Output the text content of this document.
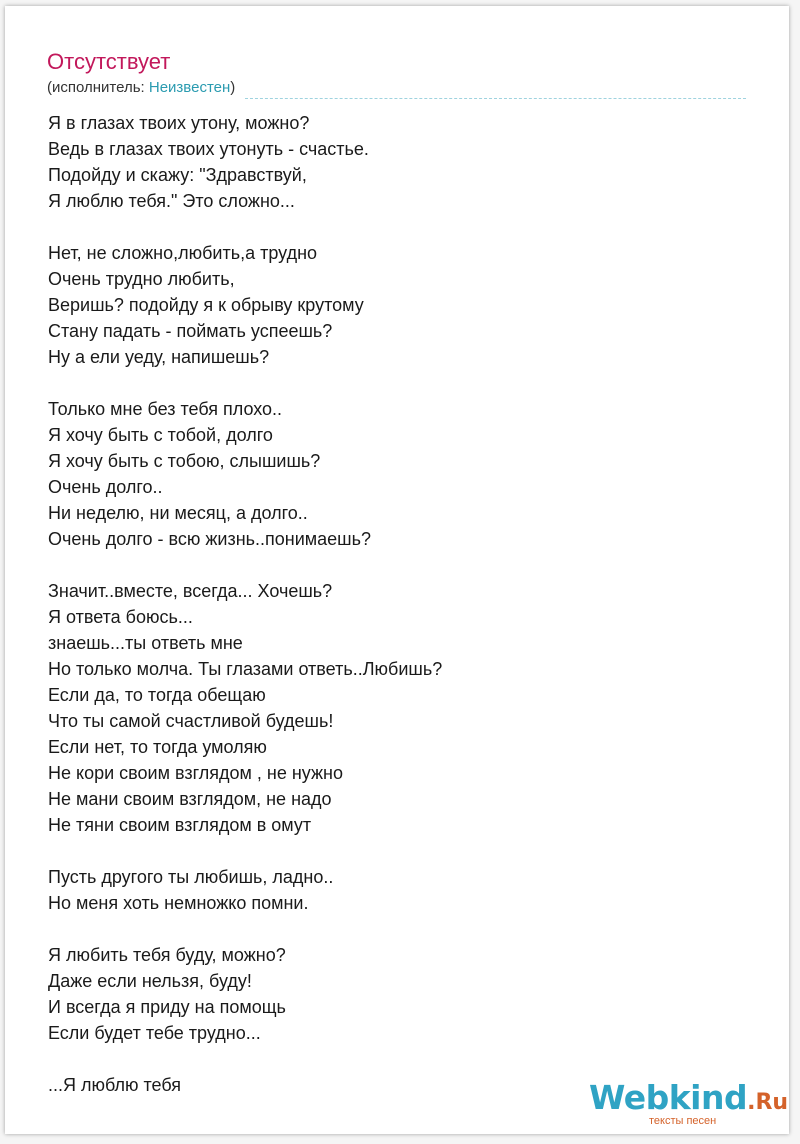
Отсутствует
(исполнитель: Неизвестен)
Я в глазах твоих утону, можно?
Ведь в глазах твоих утонуть - счастье.
Подойду и скажу: "Здравствуй,
Я люблю тебя." Это сложно...
Нет, не сложно,любить,а трудно
Очень трудно любить,
Веришь? подойду я к обрыву крутому
Стану падать - поймать успеешь?
Ну а ели уеду, напишешь?
Только мне без тебя плохо..
Я хочу быть с тобой, долго
Я хочу быть с тобою, слышишь?
Очень долго..
Ни неделю, ни месяц, а долго..
Очень долго - всю жизнь..понимаешь?
Значит..вместе, всегда... Хочешь?
Я ответа боюсь...
знаешь...ты ответь мне
Но только молча. Ты глазами ответь..Любишь?
Если да, то тогда обещаю
Что ты самой счастливой будешь!
Если нет, то тогда умоляю
Не кори своим взглядом , не нужно
Не мани своим взглядом, не надо
Не тяни своим взглядом в омут
Пусть другого ты любишь, ладно..
Но меня хоть немножко помни.
Я любить тебя буду, можно?
Даже если нельзя, буду!
И всегда я приду на помощь
Если будет тебе трудно...
...Я люблю тебя	Webkind.Ru
тексты песен
